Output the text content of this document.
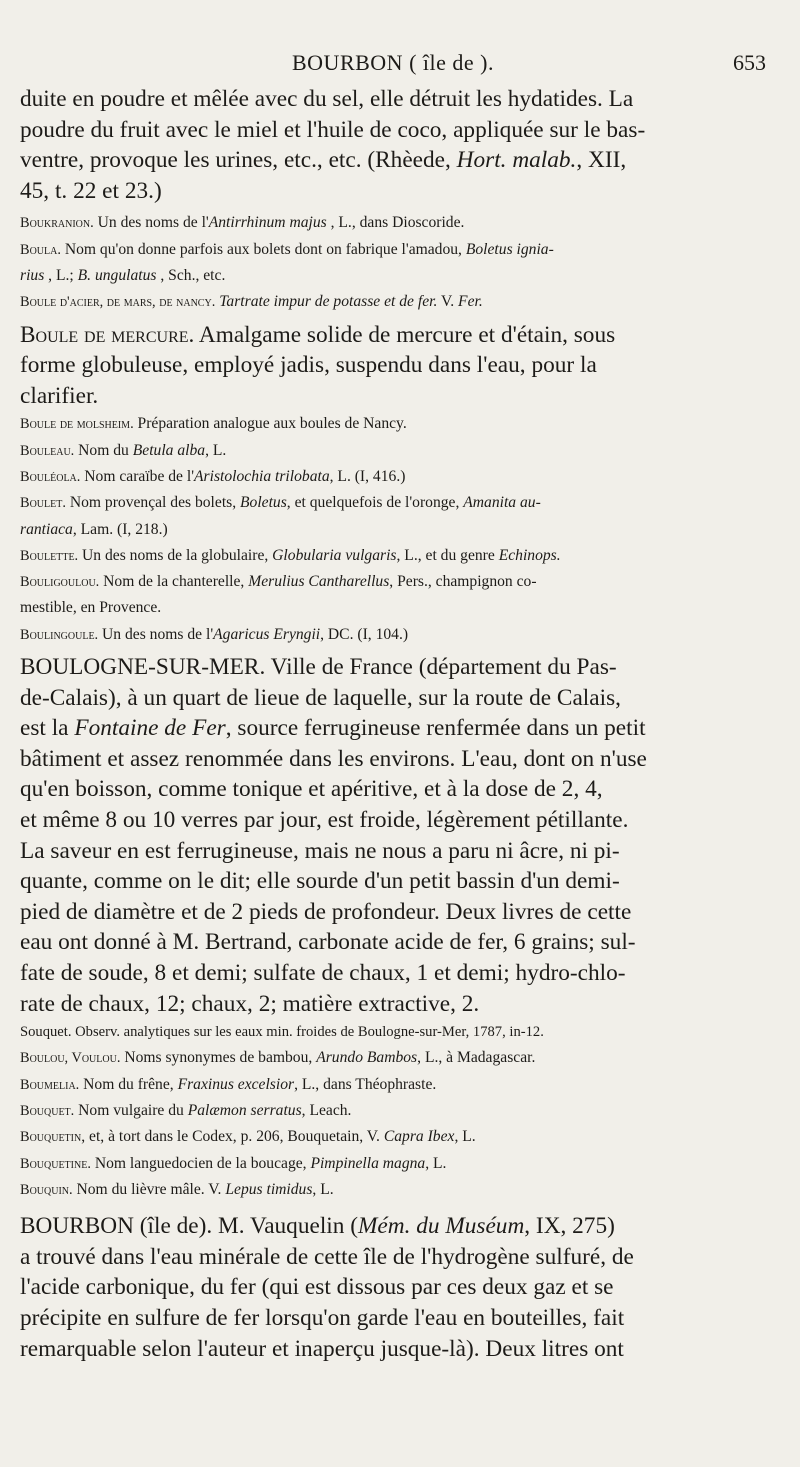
BOURBON ( île de ).	653

duite en poudre et mêlée avec du sel, elle détruit les hydatides. La

poudre du fruit avec le miel et l'huile de coco, appliquée sur le bas-

ventre, provoque les urines, etc., etc. (Rhèede, Hort. malab., XII,

45, t. 22 et 23.)

Boukranion. Un des noms de l'Antirrhinum majus , L., dans Dioscoride.

Boula. Nom qu'on donne parfois aux bolets dont on fabrique l'amadou, Boletus ignia-

rius , L.; B. ungulatus , Sch., etc.

Boule d'acier, de mars, de nancy. Tartrate impur de potasse et de fer. V. Fer.

Boule de mercure. Amalgame solide de mercure et d'étain, sous

forme globuleuse, employé jadis, suspendu dans l'eau, pour la

clarifier.

Boule de molsheim. Préparation analogue aux boules de Nancy.

Bouleau. Nom du Betula alba, L.

Bouléola. Nom caraïbe de l'Aristolochia trilobata, L. (I, 416.)

Boulet. Nom provençal des bolets, Boletus, et quelquefois de l'oronge, Amanita au-

rantiaca, Lam. (I, 218.)

Boulette. Un des noms de la globulaire, Globularia vulgaris, L., et du genre Echinops.

Bouligoulou. Nom de la chanterelle, Merulius Cantharellus, Pers., champignon co-

mestible, en Provence.

Boulingoule. Un des noms de l'Agaricus Eryngii, DC. (I, 104.)

BOULOGNE-SUR-MER. Ville de France (département du Pas-

de-Calais), à un quart de lieue de laquelle, sur la route de Calais,

est la Fontaine de Fer, source ferrugineuse renfermée dans un petit

bâtiment et assez renommée dans les environs. L'eau, dont on n'use

qu'en boisson, comme tonique et apéritive, et à la dose de 2, 4,

et même 8 ou 10 verres par jour, est froide, légèrement pétillante.

La saveur en est ferrugineuse, mais ne nous a paru ni âcre, ni pi-

quante, comme on le dit; elle sourde d'un petit bassin d'un demi-

pied de diamètre et de 2 pieds de profondeur. Deux livres de cette

eau ont donné à M. Bertrand, carbonate acide de fer, 6 grains; sul-

fate de soude, 8 et demi; sulfate de chaux, 1 et demi; hydro-chlo-

rate de chaux, 12; chaux, 2; matière extractive, 2.

Souquet. Observ. analytiques sur les eaux min. froides de Boulogne-sur-Mer, 1787, in-12.

Boulou, Voulou. Noms synonymes de bambou, Arundo Bambos, L., à Madagascar.

Boumelia. Nom du frêne, Fraxinus excelsior, L., dans Théophraste.

Bouquet. Nom vulgaire du Palæmon serratus, Leach.

Bouquetin, et, à tort dans le Codex, p. 206, Bouquetain, V. Capra Ibex, L.

Bouquetine. Nom languedocien de la boucage, Pimpinella magna, L.

Bouquin. Nom du lièvre mâle. V. Lepus timidus, L.

BOURBON (île de). M. Vauquelin (Mém. du Muséum, IX, 275)

a trouvé dans l'eau minérale de cette île de l'hydrogène sulfuré, de

l'acide carbonique, du fer (qui est dissous par ces deux gaz et se

précipite en sulfure de fer lorsqu'on garde l'eau en bouteilles, fait

remarquable selon l'auteur et inaperçu jusque-là). Deux litres ont
